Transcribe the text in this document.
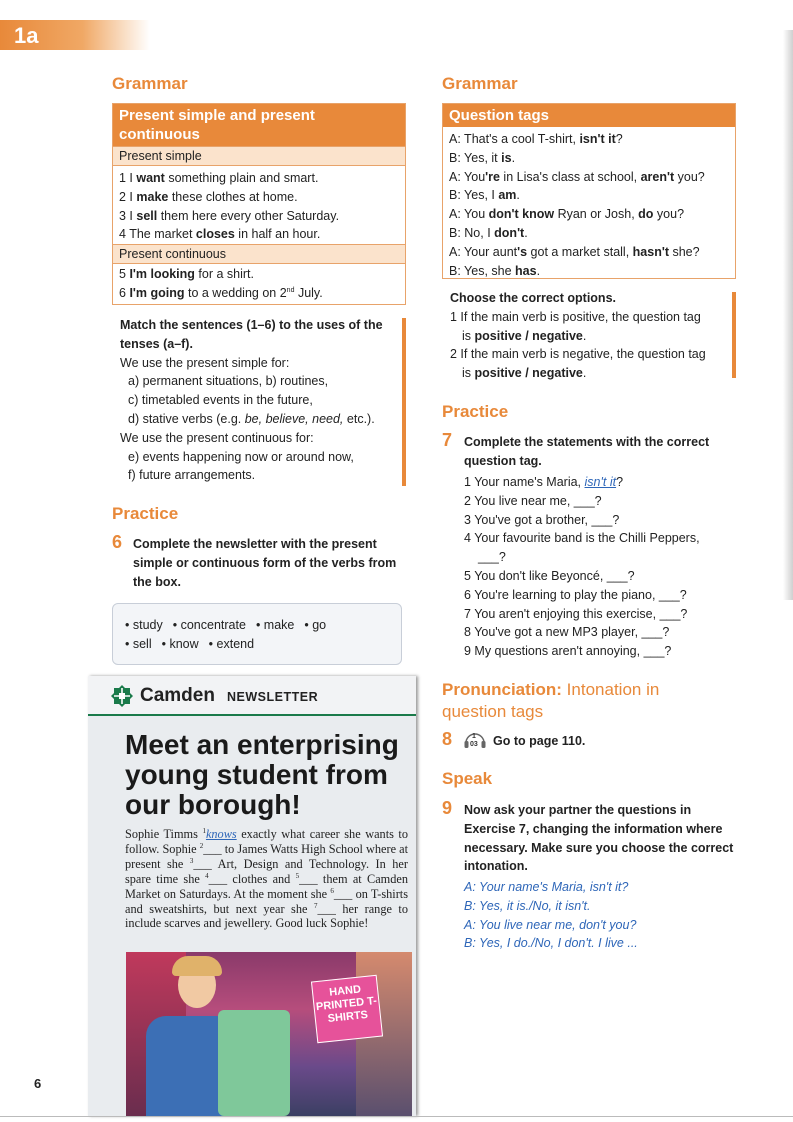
1a
Grammar
Present simple and present continuous
Present simple
1 I want something plain and smart.
2 I make these clothes at home.
3 I sell them here every other Saturday.
4 The market closes in half an hour.
Present continuous
5 I'm looking for a shirt.
6 I'm going to a wedding on 2nd July.
Match the sentences (1–6) to the uses of the tenses (a–f).
We use the present simple for:
a) permanent situations, b) routines,
c) timetabled events in the future,
d) stative verbs (e.g. be, believe, need, etc.).
We use the present continuous for:
e) events happening now or around now,
f) future arrangements.
Practice
6 Complete the newsletter with the present simple or continuous form of the verbs from the box.
• study • concentrate • make • go
• sell • know • extend
Camden NEWSLETTER
Meet an enterprising young student from our borough!
Sophie Timms $^1$knows exactly what career she wants to follow. Sophie $^2$___ to James Watts High School where at present she $^3$___ Art, Design and Technology. In her spare time she $^4$___ clothes and $^5$___ them at Camden Market on Saturdays. At the moment she $^6$___ on T-shirts and sweatshirts, but next year she $^7$___ her range to include scarves and jewellery. Good luck Sophie!
HAND PRINTED T-SHIRTS
6
Grammar
Question tags
A: That's a cool T-shirt, isn't it?
B: Yes, it is.
A: You're in Lisa's class at school, aren't you?
B: Yes, I am.
A: You don't know Ryan or Josh, do you?
B: No, I don't.
A: Your aunt's got a market stall, hasn't she?
B: Yes, she has.
Choose the correct options.
1 If the main verb is positive, the question tag
is positive / negative.
2 If the main verb is negative, the question tag
is positive / negative.
Practice
7 Complete the statements with the correct question tag.
1 Your name's Maria, isn't it?
2 You live near me, ___?
3 You've got a brother, ___?
4 Your favourite band is the Chilli Peppers,
___?
5 You don't like Beyoncé, ___?
6 You're learning to play the piano, ___?
7 You aren't enjoying this exercise, ___?
8 You've got a new MP3 player, ___?
9 My questions aren't annoying, ___?
Pronunciation: Intonation in
question tags
8	1
03 Go to page 110.
Speak
9 Now ask your partner the questions in Exercise 7, changing the information where necessary. Make sure you choose the correct intonation.
A: Your name's Maria, isn't it?
B: Yes, it is./No, it isn't.
A: You live near me, don't you?
B: Yes, I do./No, I don't. I live ...
